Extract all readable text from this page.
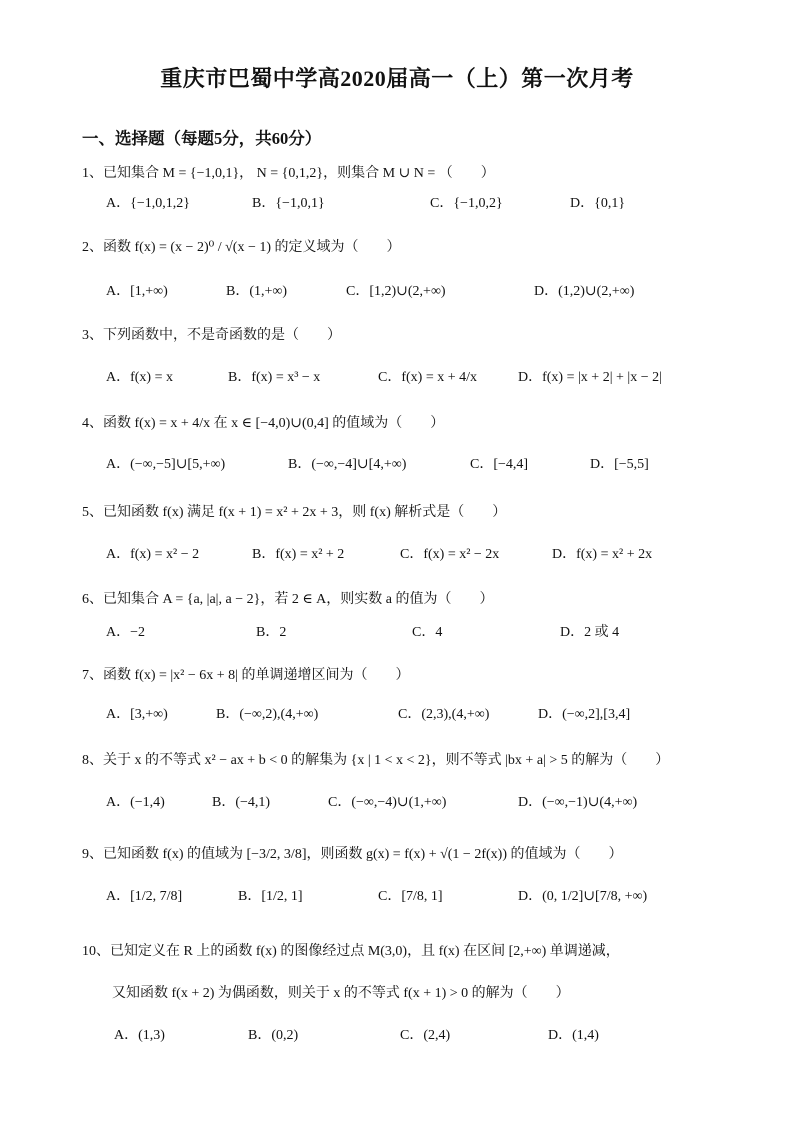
重庆市巴蜀中学高2020届高一（上）第一次月考
一、选择题（每题5分，共60分）
1、已知集合 M = {−1,0,1}， N = {0,1,2}，则集合 M ∪ N = （　　）
A．{−1,0,1,2}	B．{−1,0,1}	C．{−1,0,2}	D．{0,1}
2、函数 f(x) = (x − 2)⁰ / √(x − 1) 的定义域为（　　）
A．[1,+∞)	B．(1,+∞)	C．[1,2)∪(2,+∞)	D．(1,2)∪(2,+∞)
3、下列函数中，不是奇函数的是（　　）
A．f(x) = x	B．f(x) = x³ − x	C．f(x) = x + 4/x	D．f(x) = |x + 2| + |x − 2|
4、函数 f(x) = x + 4/x 在 x ∈ [−4,0)∪(0,4] 的值域为（　　）
A．(−∞,−5]∪[5,+∞)	B．(−∞,−4]∪[4,+∞)	C．[−4,4]	D．[−5,5]
5、已知函数 f(x) 满足 f(x + 1) = x² + 2x + 3，则 f(x) 解析式是（　　）
A．f(x) = x² − 2	B．f(x) = x² + 2	C．f(x) = x² − 2x	D．f(x) = x² + 2x
6、已知集合 A = {a, |a|, a − 2}，若 2 ∈ A，则实数 a 的值为（　　）
A．−2	B．2	C．4	D．2 或 4
7、函数 f(x) = |x² − 6x + 8| 的单调递增区间为（　　）
A．[3,+∞)	B．(−∞,2),(4,+∞)	C．(2,3),(4,+∞)	D．(−∞,2],[3,4]
8、关于 x 的不等式 x² − ax + b < 0 的解集为 {x | 1 < x < 2}，则不等式 |bx + a| > 5 的解为（　　）
A．(−1,4)	B．(−4,1)	C．(−∞,−4)∪(1,+∞)	D．(−∞,−1)∪(4,+∞)
9、已知函数 f(x) 的值域为 [−3/2, 3/8]，则函数 g(x) = f(x) + √(1 − 2f(x)) 的值域为（　　）
A．[1/2, 7/8]	B．[1/2, 1]	C．[7/8, 1]	D．(0, 1/2]∪[7/8, +∞)
10、已知定义在 R 上的函数 f(x) 的图像经过点 M(3,0)，且 f(x) 在区间 [2,+∞) 单调递减，
又知函数 f(x + 2) 为偶函数，则关于 x 的不等式 f(x + 1) > 0 的解为（　　）
A．(1,3)	B．(0,2)	C．(2,4)	D．(1,4)
